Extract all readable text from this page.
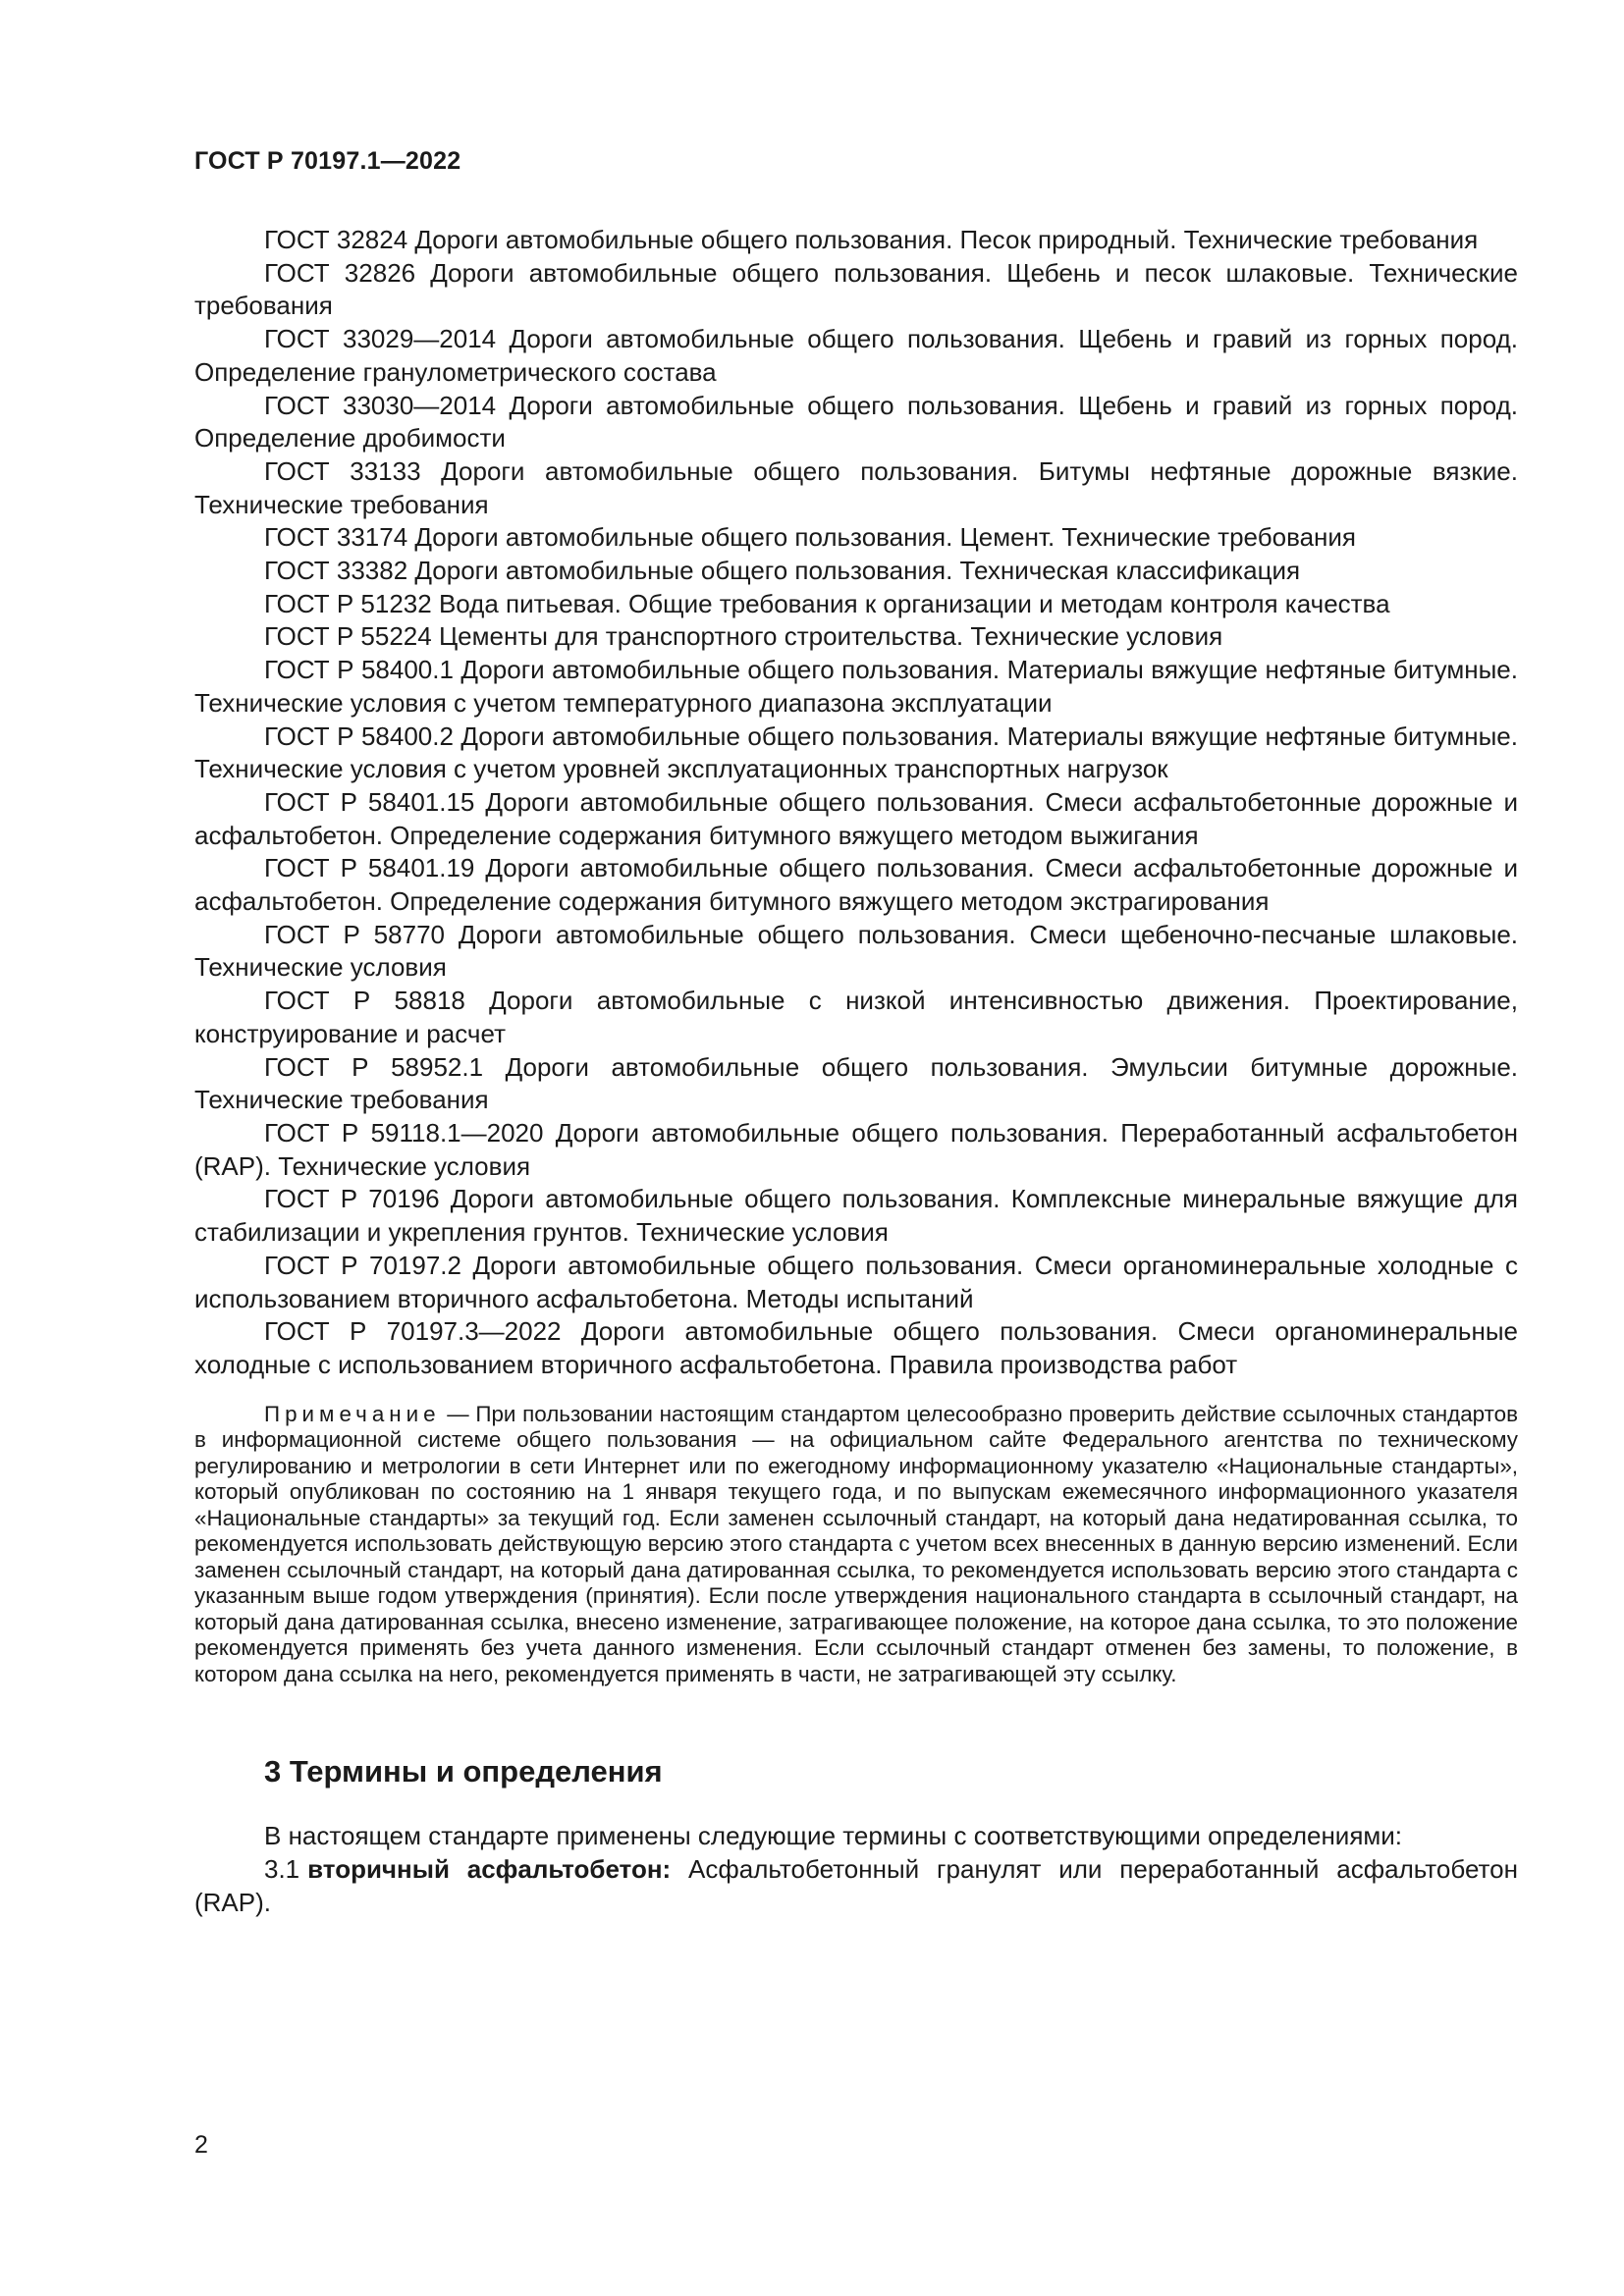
ГОСТ Р 70197.1—2022

ГОСТ 32824 Дороги автомобильные общего пользования. Песок природный. Технические требования

ГОСТ 32826 Дороги автомобильные общего пользования. Щебень и песок шлаковые. Технические требования

ГОСТ 33029—2014 Дороги автомобильные общего пользования. Щебень и гравий из горных пород. Определение гранулометрического состава

ГОСТ 33030—2014 Дороги автомобильные общего пользования. Щебень и гравий из горных пород. Определение дробимости

ГОСТ 33133 Дороги автомобильные общего пользования. Битумы нефтяные дорожные вязкие. Технические требования

ГОСТ 33174 Дороги автомобильные общего пользования. Цемент. Технические требования

ГОСТ 33382 Дороги автомобильные общего пользования. Техническая классификация

ГОСТ Р 51232 Вода питьевая. Общие требования к организации и методам контроля качества

ГОСТ Р 55224 Цементы для транспортного строительства. Технические условия

ГОСТ Р 58400.1 Дороги автомобильные общего пользования. Материалы вяжущие нефтяные битумные. Технические условия с учетом температурного диапазона эксплуатации

ГОСТ Р 58400.2 Дороги автомобильные общего пользования. Материалы вяжущие нефтяные битумные. Технические условия с учетом уровней эксплуатационных транспортных нагрузок

ГОСТ Р 58401.15 Дороги автомобильные общего пользования. Смеси асфальтобетонные дорожные и асфальтобетон. Определение содержания битумного вяжущего методом выжигания

ГОСТ Р 58401.19 Дороги автомобильные общего пользования. Смеси асфальтобетонные дорожные и асфальтобетон. Определение содержания битумного вяжущего методом экстрагирования

ГОСТ Р 58770 Дороги автомобильные общего пользования. Смеси щебеночно-песчаные шлаковые. Технические условия

ГОСТ Р 58818 Дороги автомобильные с низкой интенсивностью движения. Проектирование, конструирование и расчет

ГОСТ Р 58952.1 Дороги автомобильные общего пользования. Эмульсии битумные дорожные. Технические требования

ГОСТ Р 59118.1—2020 Дороги автомобильные общего пользования. Переработанный асфальтобетон (RAP). Технические условия

ГОСТ Р 70196 Дороги автомобильные общего пользования. Комплексные минеральные вяжущие для стабилизации и укрепления грунтов. Технические условия

ГОСТ Р 70197.2 Дороги автомобильные общего пользования. Смеси органоминеральные холодные с использованием вторичного асфальтобетона. Методы испытаний

ГОСТ Р 70197.3—2022 Дороги автомобильные общего пользования. Смеси органоминеральные холодные с использованием вторичного асфальтобетона. Правила производства работ

Примечание — При пользовании настоящим стандартом целесообразно проверить действие ссылочных стандартов в информационной системе общего пользования — на официальном сайте Федерального агентства по техническому регулированию и метрологии в сети Интернет или по ежегодному информационному указателю «Национальные стандарты», который опубликован по состоянию на 1 января текущего года, и по выпускам ежемесячного информационного указателя «Национальные стандарты» за текущий год. Если заменен ссылочный стандарт, на который дана недатированная ссылка, то рекомендуется использовать действующую версию этого стандарта с учетом всех внесенных в данную версию изменений. Если заменен ссылочный стандарт, на который дана датированная ссылка, то рекомендуется использовать версию этого стандарта с указанным выше годом утверждения (принятия). Если после утверждения национального стандарта в ссылочный стандарт, на который дана датированная ссылка, внесено изменение, затрагивающее положение, на которое дана ссылка, то это положение рекомендуется применять без учета данного изменения. Если ссылочный стандарт отменен без замены, то положение, в котором дана ссылка на него, рекомендуется применять в части, не затрагивающей эту ссылку.
3 Термины и определения

В настоящем стандарте применены следующие термины с соответствующими определениями:

3.1 вторичный асфальтобетон: Асфальтобетонный гранулят или переработанный асфальтобетон (RAP).

2
